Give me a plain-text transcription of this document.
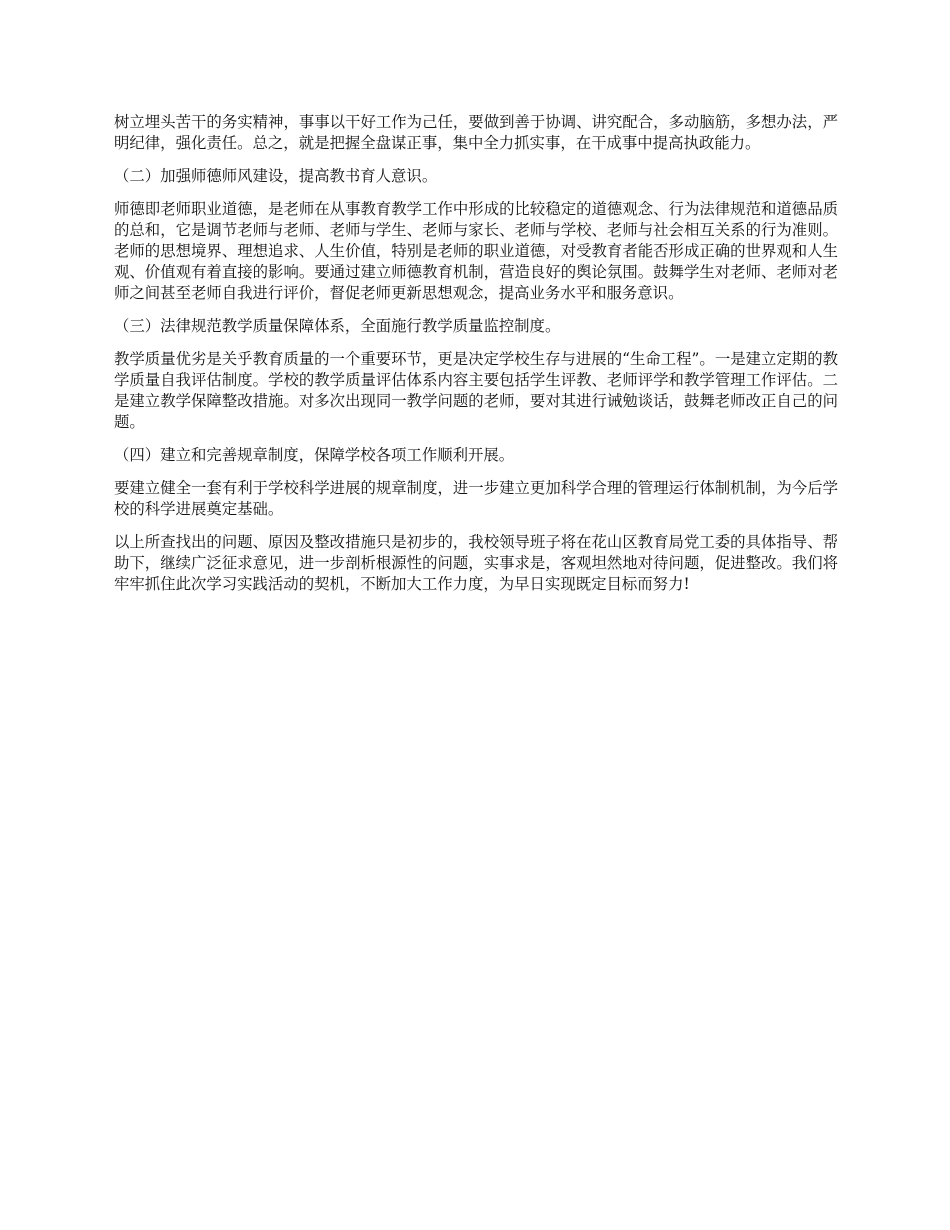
树立埋头苦干的务实精神，事事以干好工作为己任，要做到善于协调、讲究配合，多动脑筋，多想办法，严明纪律，强化责任。总之，就是把握全盘谋正事，集中全力抓实事，在干成事中提高执政能力。

（二）加强师德师风建设，提高教书育人意识。

师德即老师职业道德，是老师在从事教育教学工作中形成的比较稳定的道德观念、行为法律规范和道德品质的总和，它是调节老师与老师、老师与学生、老师与家长、老师与学校、老师与社会相互关系的行为准则。老师的思想境界、理想追求、人生价值，特别是老师的职业道德，对受教育者能否形成正确的世界观和人生观、价值观有着直接的影响。要通过建立师德教育机制，营造良好的舆论氛围。鼓舞学生对老师、老师对老师之间甚至老师自我进行评价，督促老师更新思想观念，提高业务水平和服务意识。

（三）法律规范教学质量保障体系，全面施行教学质量监控制度。

教学质量优劣是关乎教育质量的一个重要环节，更是决定学校生存与进展的“生命工程”。一是建立定期的教学质量自我评估制度。学校的教学质量评估体系内容主要包括学生评教、老师评学和教学管理工作评估。二是建立教学保障整改措施。对多次出现同一教学问题的老师，要对其进行诫勉谈话，鼓舞老师改正自己的问题。

（四）建立和完善规章制度，保障学校各项工作顺利开展。

要建立健全一套有利于学校科学进展的规章制度，进一步建立更加科学合理的管理运行体制机制，为今后学校的科学进展奠定基础。

以上所查找出的问题、原因及整改措施只是初步的，我校领导班子将在花山区教育局党工委的具体指导、帮助下，继续广泛征求意见，进一步剖析根源性的问题，实事求是，客观坦然地对待问题，促进整改。我们将牢牢抓住此次学习实践活动的契机，不断加大工作力度，为早日实现既定目标而努力!
